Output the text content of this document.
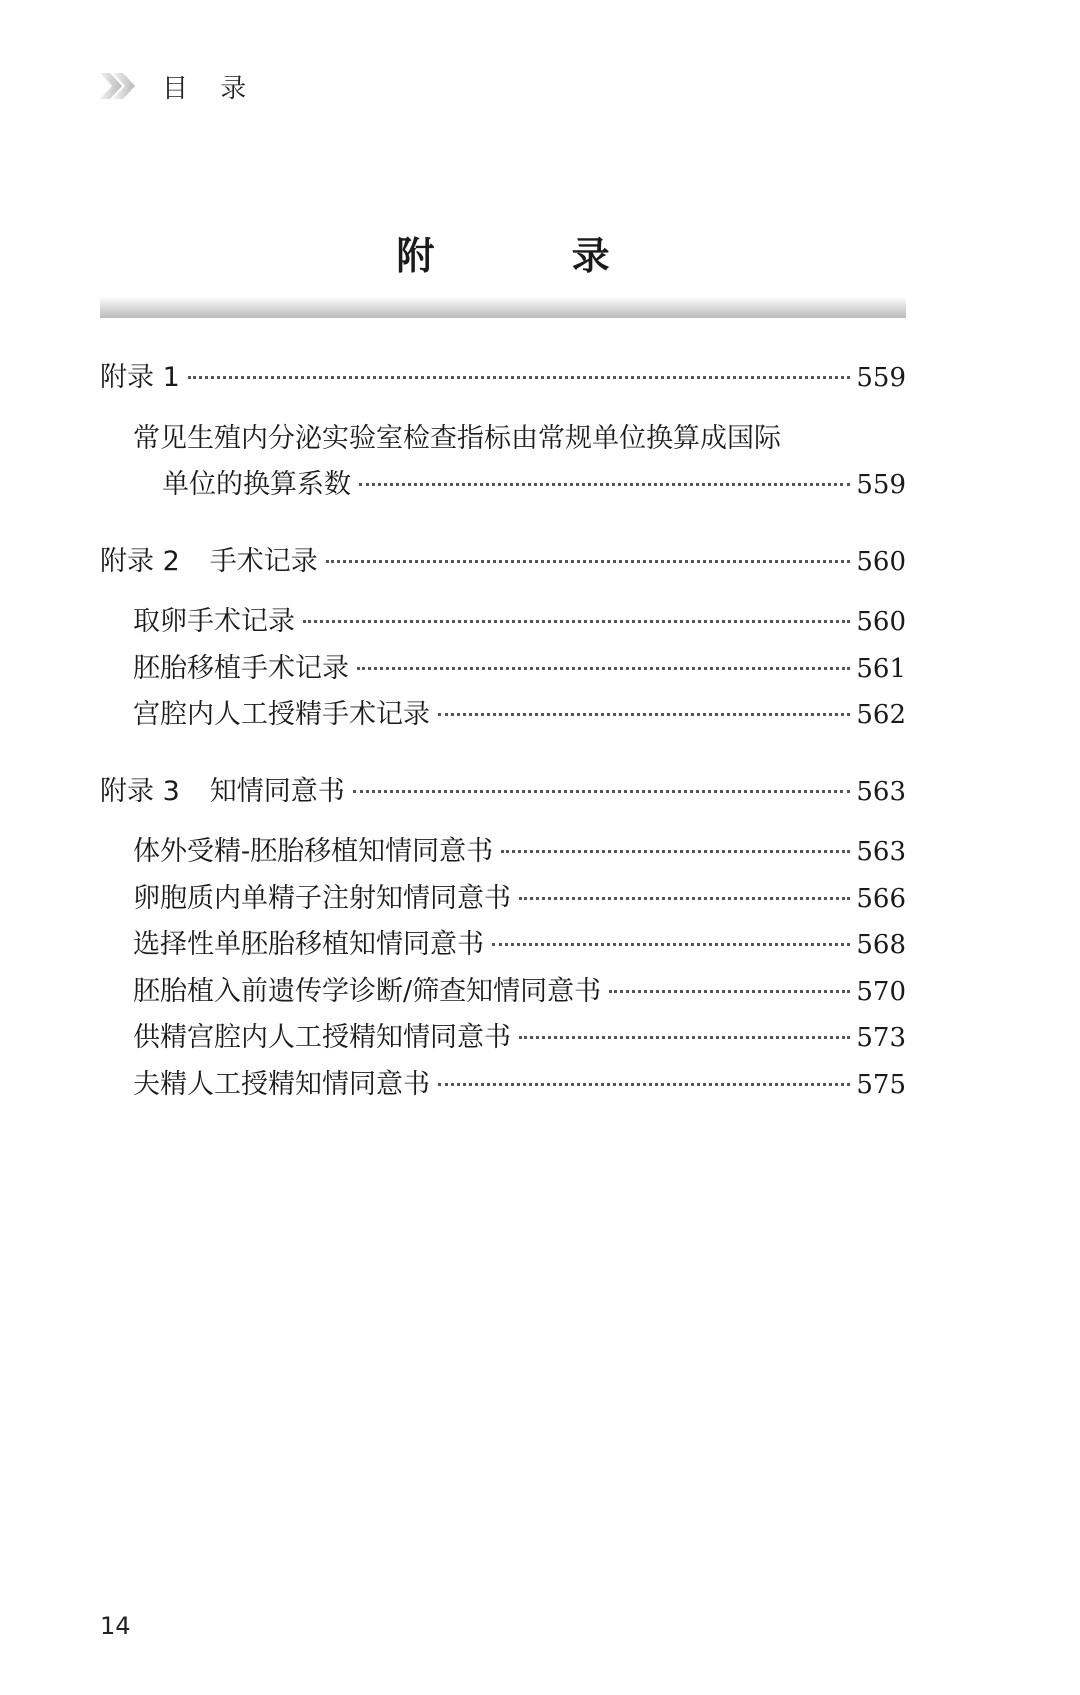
目 录
附 录
附录 1	559
常见生殖内分泌实验室检查指标由常规单位换算成国际
单位的换算系数	559
附录 2 手术记录	560
取卵手术记录	560
胚胎移植手术记录	561
宫腔内人工授精手术记录	562
附录 3 知情同意书	563
体外受精-胚胎移植知情同意书	563
卵胞质内单精子注射知情同意书	566
选择性单胚胎移植知情同意书	568
胚胎植入前遗传学诊断/筛查知情同意书	570
供精宫腔内人工授精知情同意书	573
夫精人工授精知情同意书	575
14
